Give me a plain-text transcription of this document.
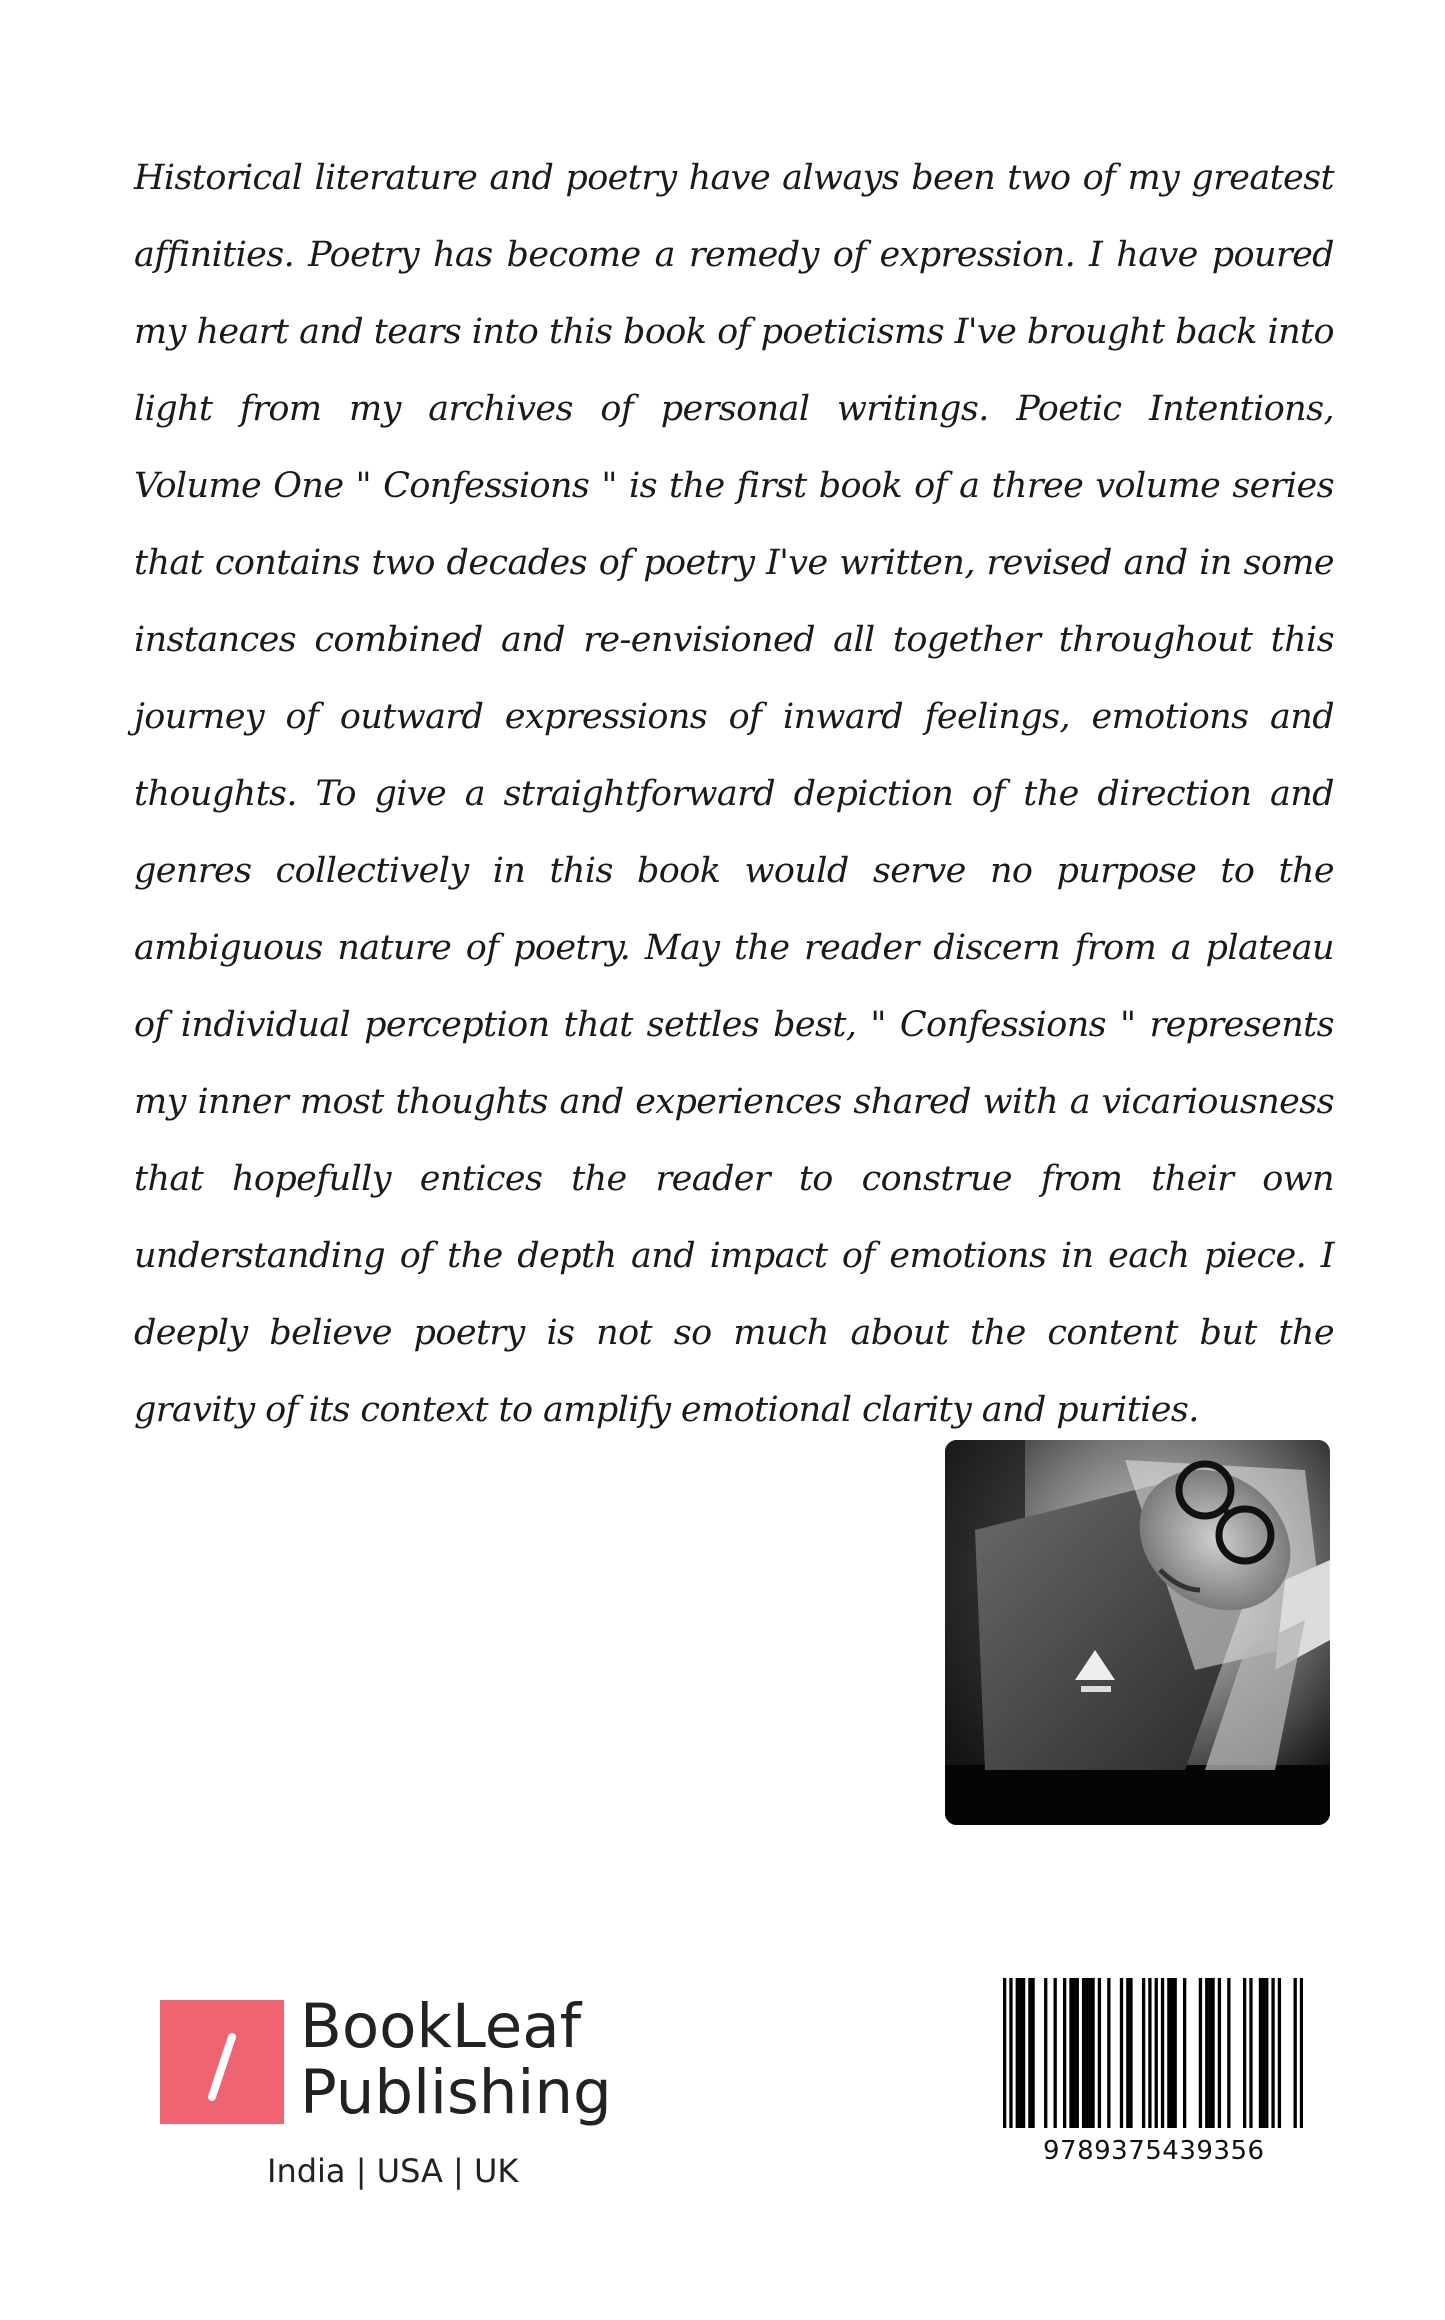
Historical literature and poetry have always been two of my greatest affinities. Poetry has become a remedy of expression. I have poured my heart and tears into this book of poeticisms I've brought back into light from my archives of personal writings. Poetic Intentions, Volume One " Confessions " is the first book of a three volume series that contains two decades of poetry I've written, revised and in some instances combined and re-envisioned all together throughout this journey of outward expressions of inward feelings, emotions and thoughts. To give a straightforward depiction of the direction and genres collectively in this book would serve no purpose to the ambiguous nature of poetry. May the reader discern from a plateau of individual perception that settles best, " Confessions " represents my inner most thoughts and experiences shared with a vicariousness that hopefully entices the reader to construe from their own understanding of the depth and impact of emotions in each piece. I deeply believe poetry is not so much about the content but the gravity of its context to amplify emotional clarity and purities.

BookLeaf
Publishing
India | USA | UK
9789375439356
